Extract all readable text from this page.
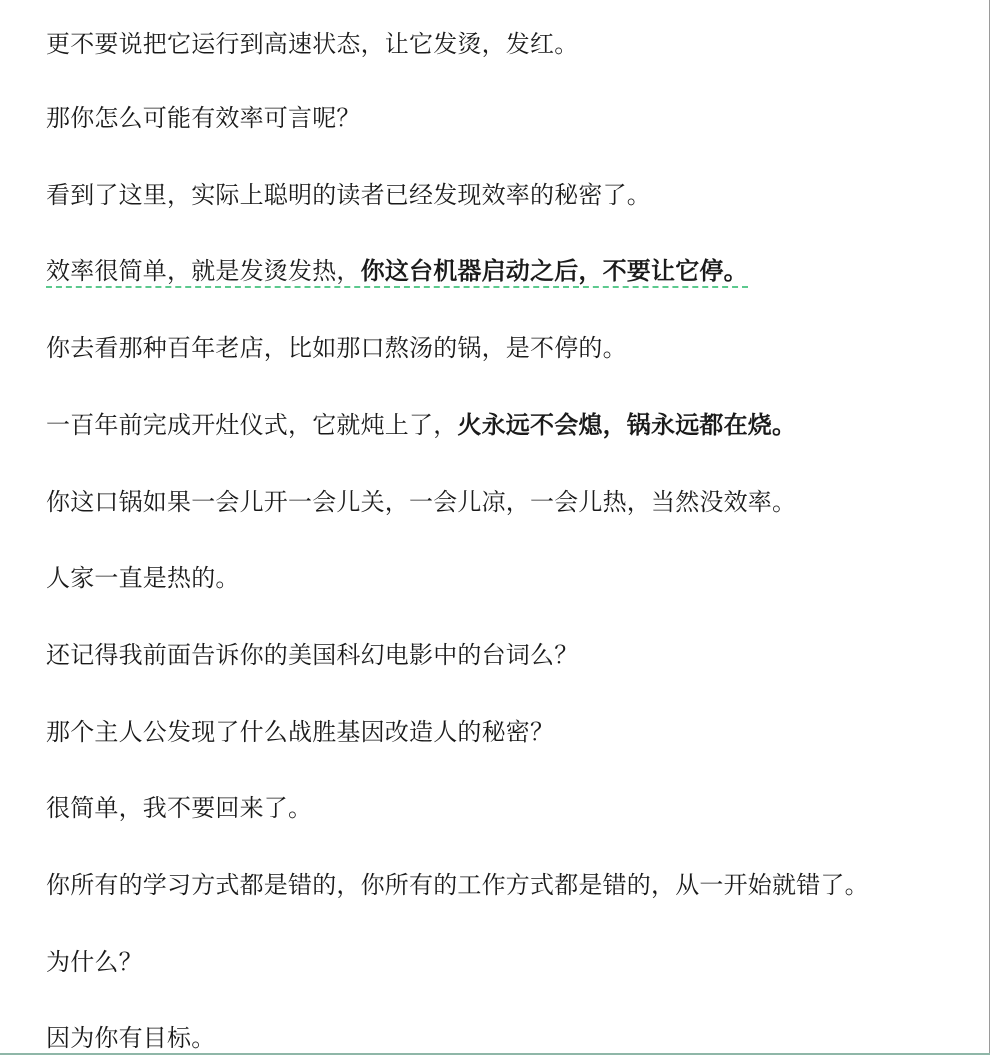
更不要说把它运行到高速状态，让它发烫，发红。

那你怎么可能有效率可言呢？

看到了这里，实际上聪明的读者已经发现效率的秘密了。

效率很简单，就是发烫发热，你这台机器启动之后，不要让它停。

你去看那种百年老店，比如那口熬汤的锅，是不停的。

一百年前完成开灶仪式，它就炖上了，火永远不会熄，锅永远都在烧。

你这口锅如果一会儿开一会儿关，一会儿凉，一会儿热，当然没效率。

人家一直是热的。

还记得我前面告诉你的美国科幻电影中的台词么？

那个主人公发现了什么战胜基因改造人的秘密？

很简单，我不要回来了。

你所有的学习方式都是错的，你所有的工作方式都是错的，从一开始就错了。

为什么？

因为你有目标。
